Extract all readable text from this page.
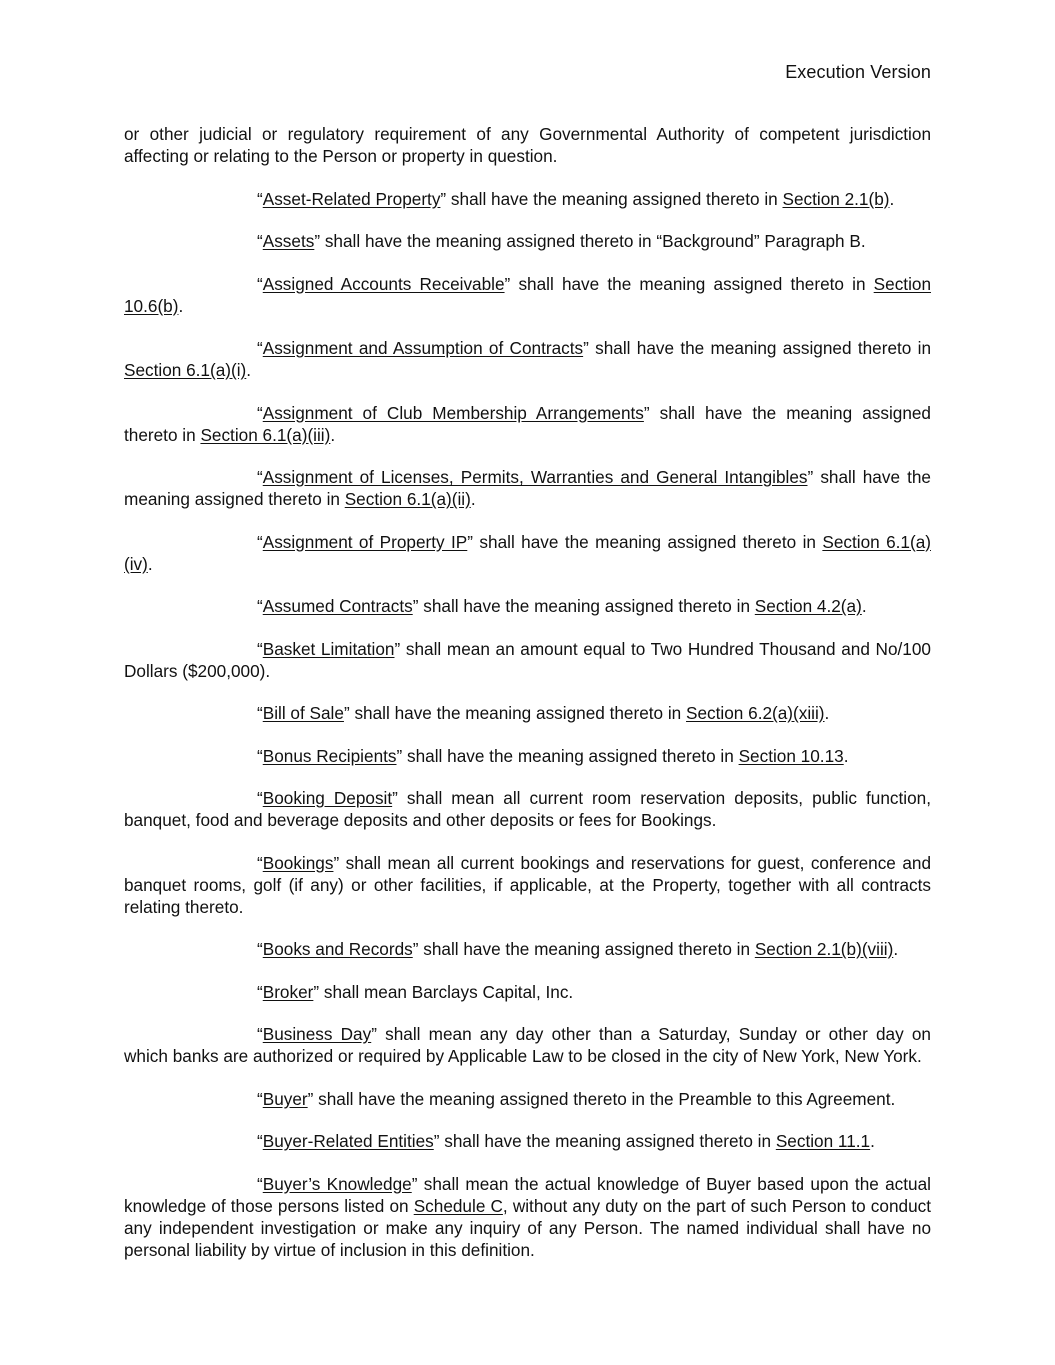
Execution Version

or other judicial or regulatory requirement of any Governmental Authority of competent jurisdiction affecting or relating to the Person or property in question.

“Asset-Related Property” shall have the meaning assigned thereto in Section 2.1(b).

“Assets” shall have the meaning assigned thereto in “Background” Paragraph B.

“Assigned Accounts Receivable” shall have the meaning assigned thereto in Section 10.6(b).

“Assignment and Assumption of Contracts” shall have the meaning assigned thereto in Section 6.1(a)(i).

“Assignment of Club Membership Arrangements” shall have the meaning assigned thereto in Section 6.1(a)(iii).

“Assignment of Licenses, Permits, Warranties and General Intangibles” shall have the meaning assigned thereto in Section 6.1(a)(ii).

“Assignment of Property IP” shall have the meaning assigned thereto in Section 6.1(a)(iv).

“Assumed Contracts” shall have the meaning assigned thereto in Section 4.2(a).

“Basket Limitation” shall mean an amount equal to Two Hundred Thousand and No/100 Dollars ($200,000).

“Bill of Sale” shall have the meaning assigned thereto in Section 6.2(a)(xiii).

“Bonus Recipients” shall have the meaning assigned thereto in Section 10.13.

“Booking Deposit” shall mean all current room reservation deposits, public function, banquet, food and beverage deposits and other deposits or fees for Bookings.

“Bookings” shall mean all current bookings and reservations for guest, conference and banquet rooms, golf (if any) or other facilities, if applicable, at the Property, together with all contracts relating thereto.

“Books and Records” shall have the meaning assigned thereto in Section 2.1(b)(viii).

“Broker” shall mean Barclays Capital, Inc.

“Business Day” shall mean any day other than a Saturday, Sunday or other day on which banks are authorized or required by Applicable Law to be closed in the city of New York, New York.

“Buyer” shall have the meaning assigned thereto in the Preamble to this Agreement.

“Buyer-Related Entities” shall have the meaning assigned thereto in Section 11.1.

“Buyer’s Knowledge” shall mean the actual knowledge of Buyer based upon the actual knowledge of those persons listed on Schedule C, without any duty on the part of such Person to conduct any independent investigation or make any inquiry of any Person. The named individual shall have no personal liability by virtue of inclusion in this definition.
